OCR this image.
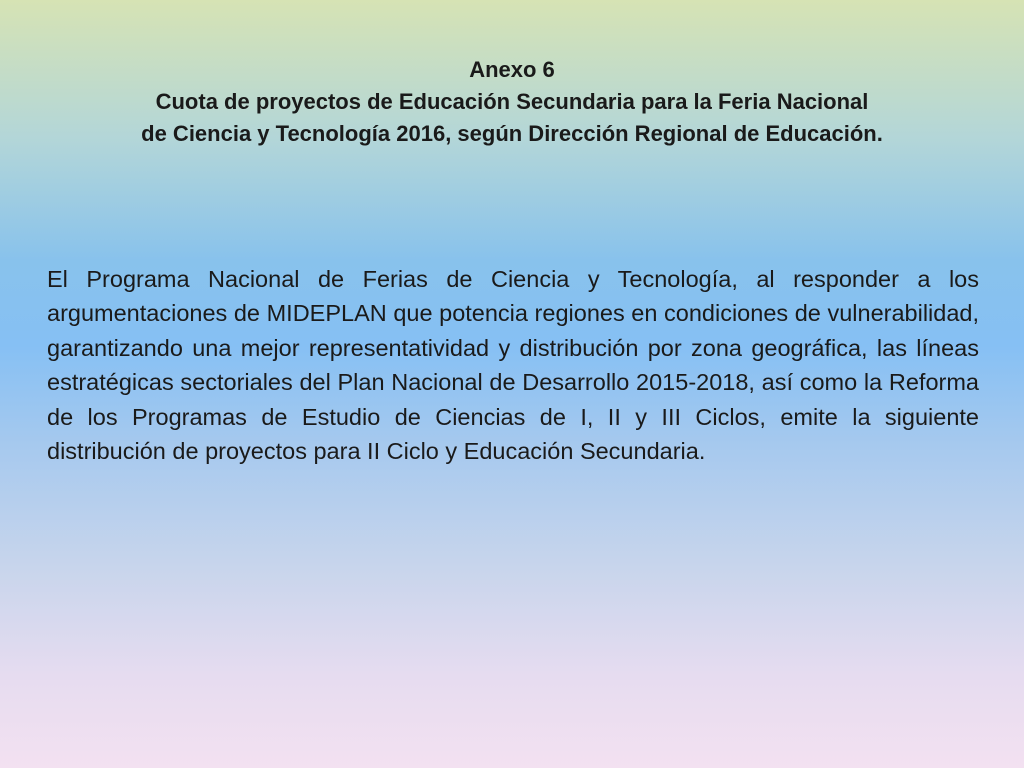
Anexo 6
Cuota de proyectos de Educación Secundaria para la Feria Nacional
de Ciencia y Tecnología 2016, según Dirección Regional de Educación.

El Programa Nacional de Ferias de Ciencia y Tecnología, al responder a los argumentaciones de MIDEPLAN que potencia regiones en condiciones de vulnerabilidad, garantizando una mejor representatividad y distribución por zona geográfica, las líneas estratégicas sectoriales del Plan Nacional de Desarrollo 2015-2018, así como la Reforma de los Programas de Estudio de Ciencias de I, II y III Ciclos, emite la siguiente distribución de proyectos para II Ciclo y Educación Secundaria.
